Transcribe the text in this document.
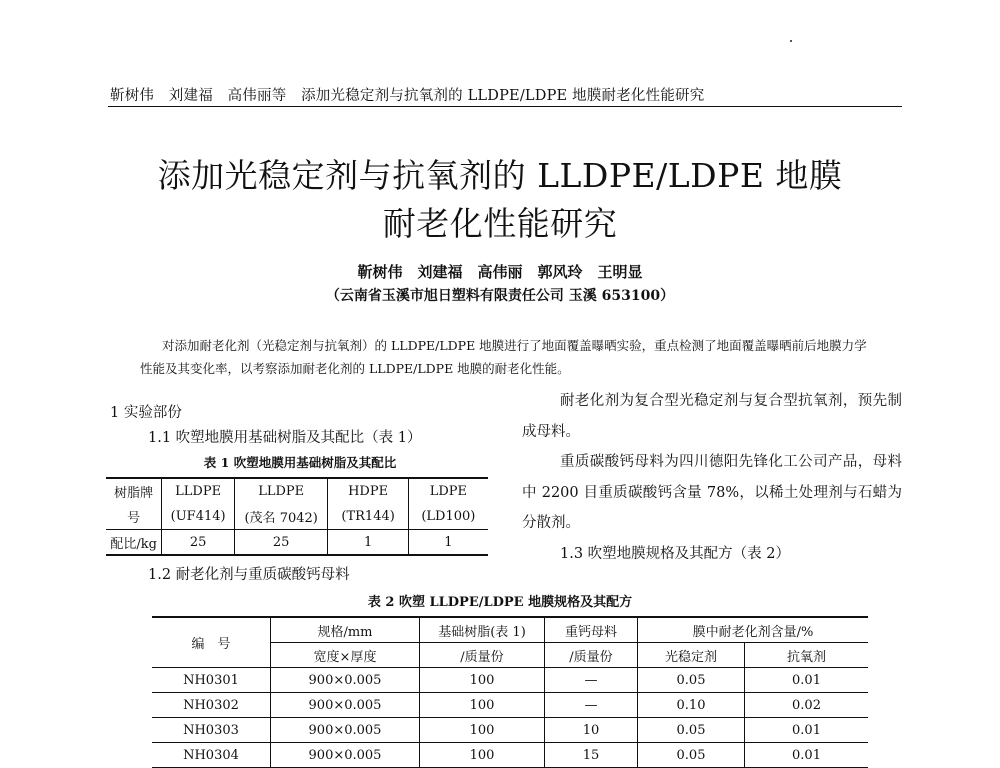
靳树伟　刘建福　高伟丽等　添加光稳定剂与抗氧剂的 LLDPE/LDPE 地膜耐老化性能研究
添加光稳定剂与抗氧剂的 LLDPE/LDPE 地膜
耐老化性能研究
靳树伟　刘建福　高伟丽　郭风玲　王明显
（云南省玉溪市旭日塑料有限责任公司 玉溪 653100）
对添加耐老化剂（光稳定剂与抗氧剂）的 LLDPE/LDPE 地膜进行了地面覆盖曝晒实验，重点检测了地面覆盖曝晒前后地膜力学性能及其变化率，以考察添加耐老化剂的 LLDPE/LDPE 地膜的耐老化性能。
1 实验部份
1.1 吹塑地膜用基础树脂及其配比（表 1）
表 1 吹塑地膜用基础树脂及其配比
树脂牌	LLDPE	LLDPE	HDPE	LDPE
号	(UF414)	(茂名 7042)	(TR144)	(LD100)
配比/kg	25	25	1	1
1.2 耐老化剂与重质碳酸钙母料

耐老化剂为复合型光稳定剂与复合型抗氧剂，预先制成母料。

重质碳酸钙母料为四川德阳先锋化工公司产品，母料中 2200 目重质碳酸钙含量 78%，以稀土处理剂与石蜡为分散剂。

1.3 吹塑地膜规格及其配方（表 2）

表 2 吹塑 LLDPE/LDPE 地膜规格及其配方
编　号	规格/mm	基础树脂(表 1)	重钙母料	膜中耐老化剂含量/%	
	宽度×厚度	/质量份	/质量份	光稳定剂	抗氧剂
NH0301	900×0.005	100	—	0.05	0.01
NH0302	900×0.005	100	—	0.10	0.02
NH0303	900×0.005	100	10	0.05	0.01
NH0304	900×0.005	100	15	0.05	0.01
